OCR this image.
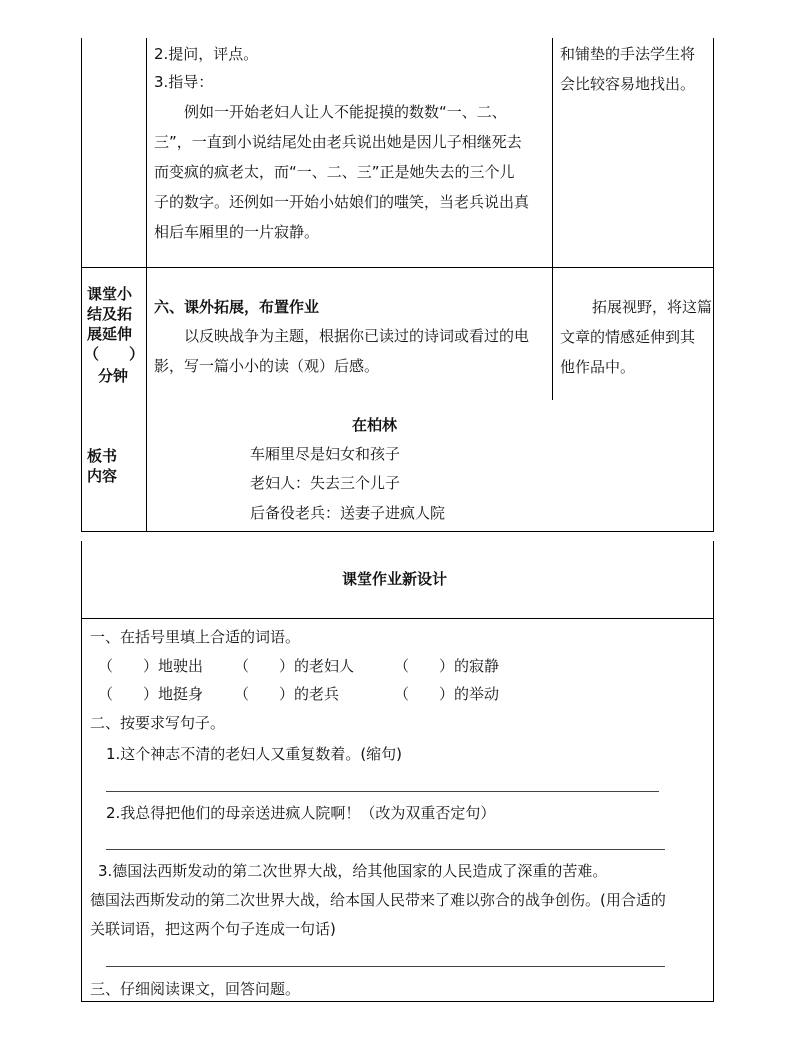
2.提问，评点。
3.指导：
例如一开始老妇人让人不能捉摸的数数“一、二、
三”，一直到小说结尾处由老兵说出她是因儿子相继死去
而变疯的疯老太，而“一、二、三”正是她失去的三个儿
子的数字。还例如一开始小姑娘们的嗤笑，当老兵说出真
相后车厢里的一片寂静。
和铺垫的手法学生将
会比较容易地找出。
课堂小
结及拓
展延伸
（　　）
分钟
六、课外拓展，布置作业
以反映战争为主题，根据你已读过的诗词或看过的电
影，写一篇小小的读（观）后感。
拓展视野，将这篇
文章的情感延伸到其
他作品中。
板书
内容
在柏林
车厢里尽是妇女和孩子
老妇人：失去三个儿子
后备役老兵：送妻子进疯人院
课堂作业新设计
一、在括号里填上合适的词语。
（　　）地驶出 （　　）的老妇人	（　　）的寂静
（　　）地挺身 （　　）的老兵	（　　）的举动
二、按要求写句子。
1.这个神志不清的老妇人又重复数着。(缩句)
2.我总得把他们的母亲送进疯人院啊！（改为双重否定句）
3.德国法西斯发动的第二次世界大战，给其他国家的人民造成了深重的苦难。
德国法西斯发动的第二次世界大战，给本国人民带来了难以弥合的战争创伤。(用合适的
关联词语，把这两个句子连成一句话)
三、仔细阅读课文，回答问题。
